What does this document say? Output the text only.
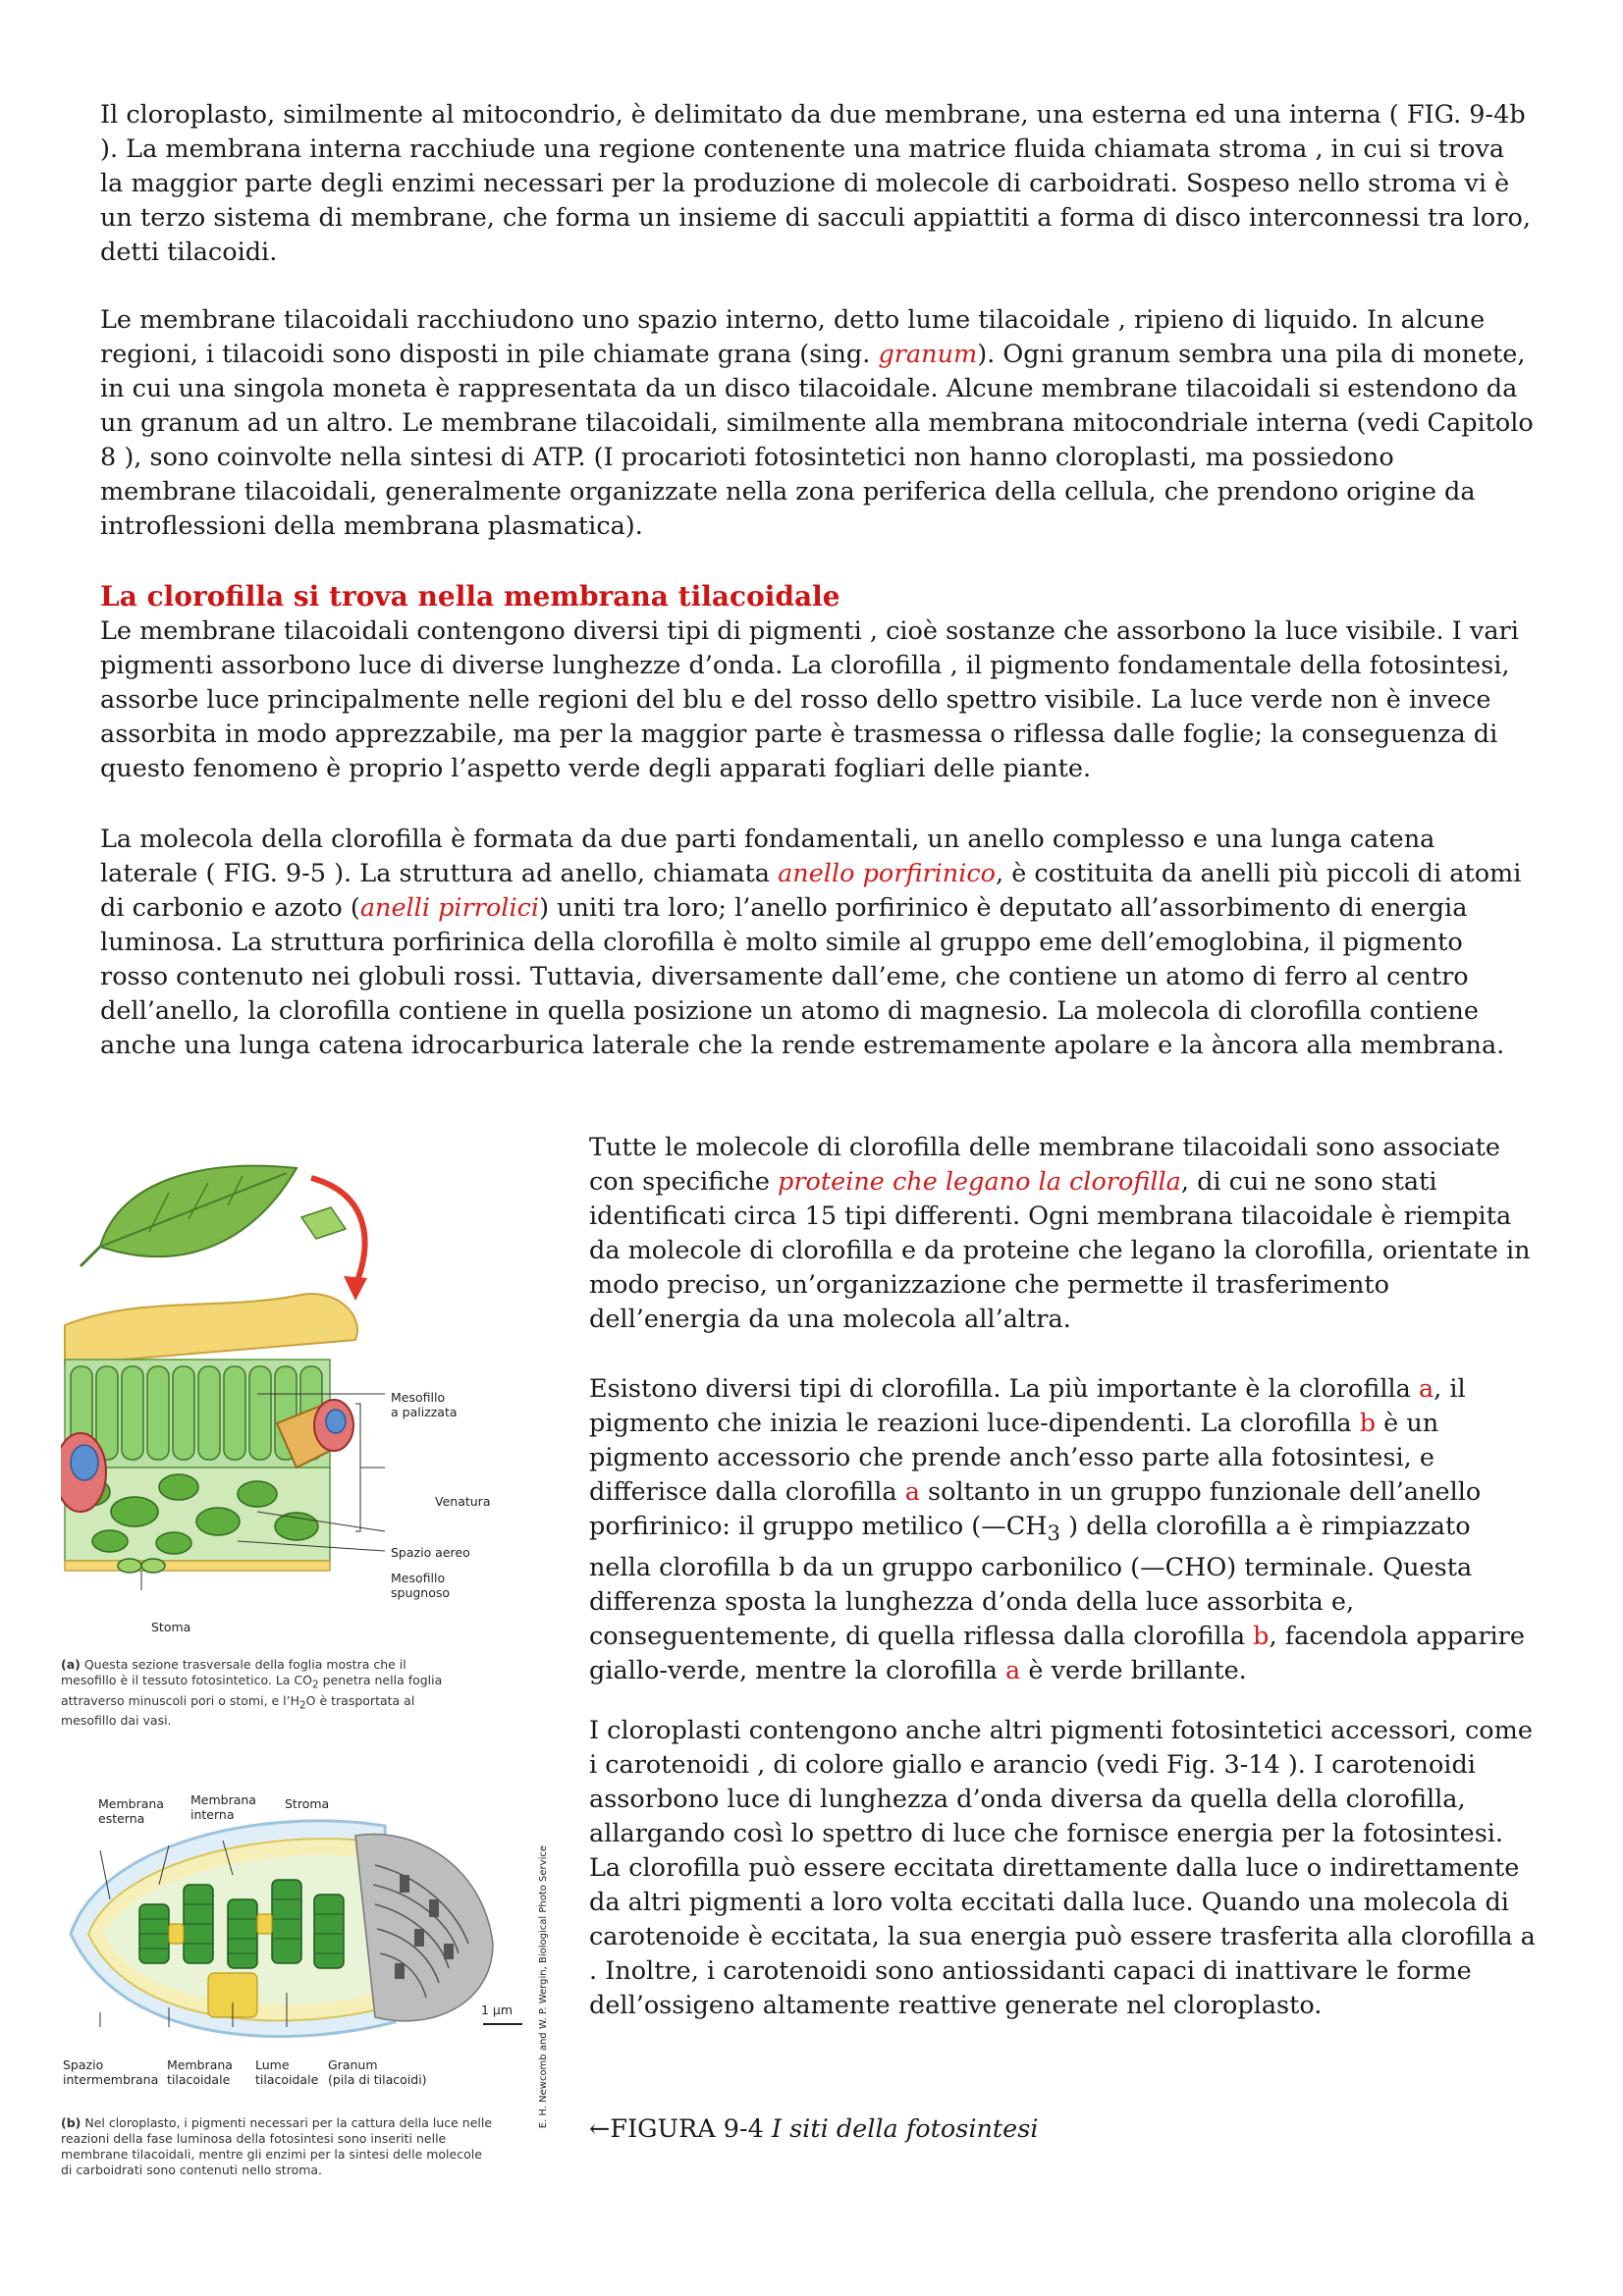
Il cloroplasto, similmente al mitocondrio, è delimitato da due membrane, una esterna ed una interna ( FIG. 9-4b ). La membrana interna racchiude una regione contenente una matrice fluida chiamata stroma , in cui si trova la maggior parte degli enzimi necessari per la produzione di molecole di carboidrati. Sospeso nello stroma vi è un terzo sistema di membrane, che forma un insieme di sacculi appiattiti a forma di disco interconnessi tra loro, detti tilacoidi.

Le membrane tilacoidali racchiudono uno spazio interno, detto lume tilacoidale , ripieno di liquido. In alcune regioni, i tilacoidi sono disposti in pile chiamate grana (sing. granum). Ogni granum sembra una pila di monete, in cui una singola moneta è rappresentata da un disco tilacoidale. Alcune membrane tilacoidali si estendono da un granum ad un altro. Le membrane tilacoidali, similmente alla membrana mitocondriale interna (vedi Capitolo 8 ), sono coinvolte nella sintesi di ATP. (I procarioti fotosintetici non hanno cloroplasti, ma possiedono membrane tilacoidali, generalmente organizzate nella zona periferica della cellula, che prendono origine da introflessioni della membrana plasmatica).

La clorofilla si trova nella membrana tilacoidale

Le membrane tilacoidali contengono diversi tipi di pigmenti , cioè sostanze che assorbono la luce visibile. I vari pigmenti assorbono luce di diverse lunghezze d’onda. La clorofilla , il pigmento fondamentale della fotosintesi, assorbe luce principalmente nelle regioni del blu e del rosso dello spettro visibile. La luce verde non è invece assorbita in modo apprezzabile, ma per la maggior parte è trasmessa o riflessa dalle foglie; la conseguenza di questo fenomeno è proprio l’aspetto verde degli apparati fogliari delle piante.

La molecola della clorofilla è formata da due parti fondamentali, un anello complesso e una lunga catena laterale ( FIG. 9-5 ). La struttura ad anello, chiamata anello porfirinico, è costituita da anelli più piccoli di atomi di carbonio e azoto (anelli pirrolici) uniti tra loro; l’anello porfirinico è deputato all’assorbimento di energia luminosa. La struttura porfirinica della clorofilla è molto simile al gruppo eme dell’emoglobina, il pigmento rosso contenuto nei globuli rossi. Tuttavia, diversamente dall’eme, che contiene un atomo di ferro al centro dell’anello, la clorofilla contiene in quella posizione un atomo di magnesio. La molecola di clorofilla contiene anche una lunga catena idrocarburica laterale che la rende estremamente apolare e la àncora alla membrana.

Tutte le molecole di clorofilla delle membrane tilacoidali sono associate con specifiche proteine che legano la clorofilla, di cui ne sono stati identificati circa 15 tipi differenti. Ogni membrana tilacoidale è riempita da molecole di clorofilla e da proteine che legano la clorofilla, orientate in modo preciso, un’organizzazione che permette il trasferimento dell’energia da una molecola all’altra.

Esistono diversi tipi di clorofilla. La più importante è la clorofilla a, il pigmento che inizia le reazioni luce-dipendenti. La clorofilla b è un pigmento accessorio che prende anch’esso parte alla fotosintesi, e differisce dalla clorofilla a soltanto in un gruppo funzionale dell’anello porfirinico: il gruppo metilico ($—CH_3$ ) della clorofilla a è rimpiazzato nella clorofilla b da un gruppo carbonilico (—CHO) terminale. Questa differenza sposta la lunghezza d’onda della luce assorbita e, conseguentemente, di quella riflessa dalla clorofilla b, facendola apparire giallo-verde, mentre la clorofilla a è verde brillante.

I cloroplasti contengono anche altri pigmenti fotosintetici accessori, come i carotenoidi , di colore giallo e arancio (vedi Fig. 3-14 ). I carotenoidi assorbono luce di lunghezza d’onda diversa da quella della clorofilla, allargando così lo spettro di luce che fornisce energia per la fotosintesi. La clorofilla può essere eccitata direttamente dalla luce o indirettamente da altri pigmenti a loro volta eccitati dalla luce. Quando una molecola di carotenoide è eccitata, la sua energia può essere trasferita alla clorofilla a . Inoltre, i carotenoidi sono antiossidanti capaci di inattivare le forme dell’ossigeno altamente reattive generate nel cloroplasto.

←FIGURA 9-4 I siti della fotosintesi
Mesofillo
a palizzata
Venatura
Spazio aereo
Mesofillo
spugnoso
Stoma
(a) Questa sezione trasversale della foglia mostra che il mesofillo è il tessuto fotosintetico. La $CO_2$ penetra nella foglia attraverso minuscoli pori o stomi, e $l’H_2O$ è trasportata al mesofillo dai vasi.
Membrana
esterna
Membrana
interna
Stroma
1 µm	E. H. Newcomb and W. P. Wergin, Biological Photo Service
Spazio
intermembrana
Membrana
tilacoidale
Lume
tilacoidale
Granum
(pila di tilacoidi)
(b) Nel cloroplasto, i pigmenti necessari per la cattura della luce nelle reazioni della fase luminosa della fotosintesi sono inseriti nelle membrane tilacoidali, mentre gli enzimi per la sintesi delle molecole di carboidrati sono contenuti nello stroma.
